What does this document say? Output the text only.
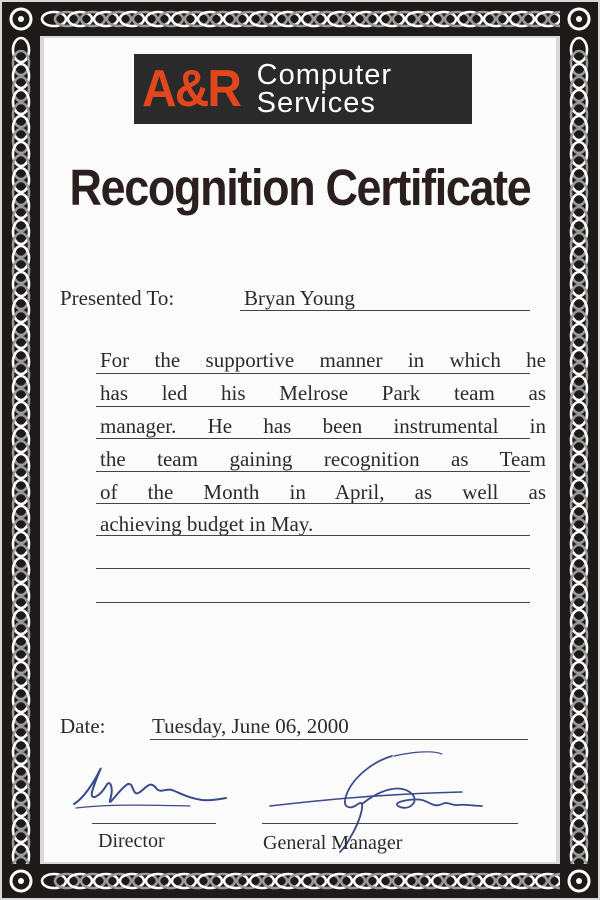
A&R Computer
Services
Recognition Certificate
Presented To:	Bryan Young
For the supportive manner in which he
has led his Melrose Park team as
manager. He has been instrumental in
the team gaining recognition as Team
of the Month in April, as well as
achieving budget in May.
Date: Tuesday, June 06, 2000
Director	General Manager
